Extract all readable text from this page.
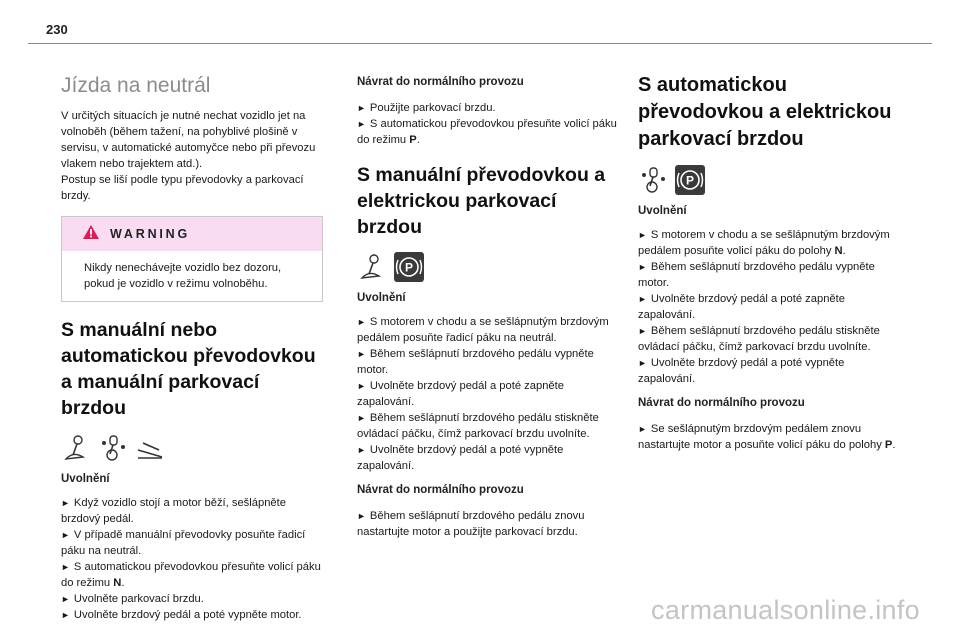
230
Jízda na neutrál

V určitých situacích je nutné nechat vozidlo jet na volnoběh (během tažení, na pohyblivé plošině v servisu, v automatické automyčce nebo při převozu vlakem nebo trajektem atd.).

Postup se liší podle typu převodovky a parkovací brzdy.

WARNING
Nikdy nenechávejte vozidlo bez dozoru, pokud je vozidlo v režimu volnoběhu.
S manuální nebo automatickou převodovkou a manuální parkovací brzdou
Uvolnění
► Když vozidlo stojí a motor běží, sešlápněte brzdový pedál.
► V případě manuální převodovky posuňte řadicí páku na neutrál.
► S automatickou převodovkou přesuňte volicí páku do režimu N.
► Uvolněte parkovací brzdu.
► Uvolněte brzdový pedál a poté vypněte motor.
Návrat do normálního provozu
► Použijte parkovací brzdu.
► S automatickou převodovkou přesuňte volicí páku do režimu P.
S manuální převodovkou a elektrickou parkovací brzdou
P
Uvolnění
► S motorem v chodu a se sešlápnutým brzdovým pedálem posuňte řadicí páku na neutrál.
► Během sešlápnutí brzdového pedálu vypněte motor.
► Uvolněte brzdový pedál a poté zapněte zapalování.
► Během sešlápnutí brzdového pedálu stiskněte ovládací páčku, čímž parkovací brzdu uvolníte.
► Uvolněte brzdový pedál a poté vypněte zapalování.
Návrat do normálního provozu
► Během sešlápnutí brzdového pedálu znovu nastartujte motor a použijte parkovací brzdu.
S automatickou převodovkou a elektrickou parkovací brzdou
P
Uvolnění
► S motorem v chodu a se sešlápnutým brzdovým pedálem posuňte volicí páku do polohy N.
► Během sešlápnutí brzdového pedálu vypněte motor.
► Uvolněte brzdový pedál a poté zapněte zapalování.
► Během sešlápnutí brzdového pedálu stiskněte ovládací páčku, čímž parkovací brzdu uvolníte.
► Uvolněte brzdový pedál a poté vypněte zapalování.
Návrat do normálního provozu
► Se sešlápnutým brzdovým pedálem znovu nastartujte motor a posuňte volicí páku do polohy P.
carmanualsonline.info
